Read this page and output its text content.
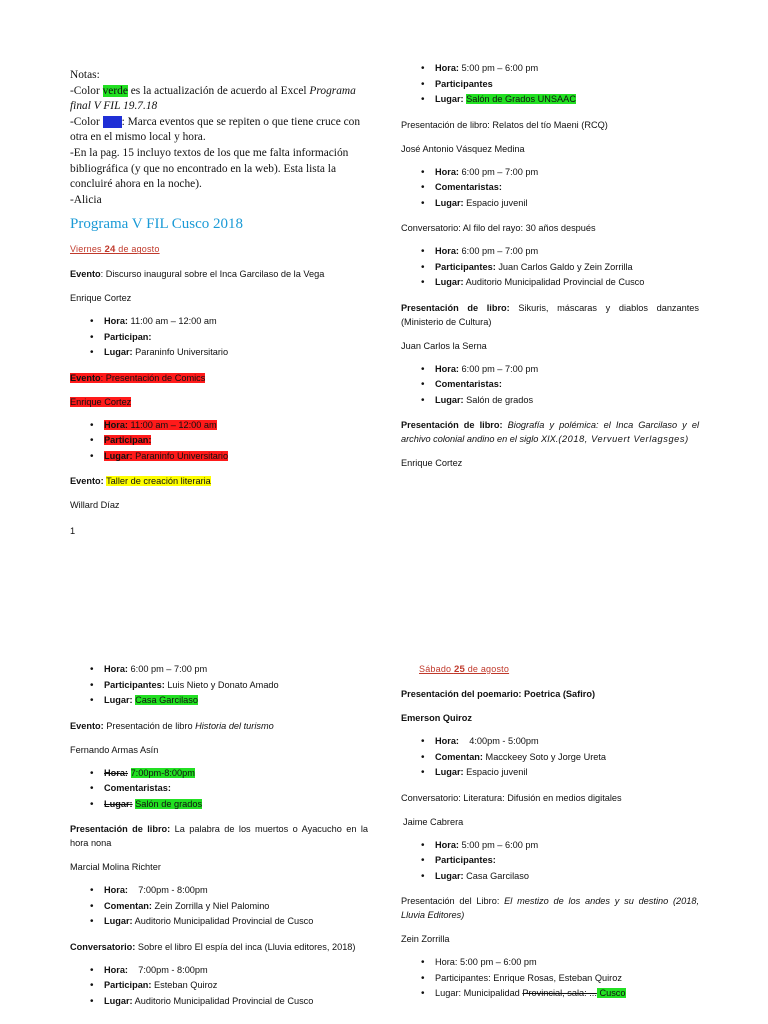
Notas:

-Color verde es la actualización de acuerdo al Excel Programa final V FIL 19.7.18

-Color azul: Marca eventos que se repiten o que tiene cruce con otra en el mismo local y hora.

-En la pag. 15 incluyo textos de los que me falta información bibliográfica (y que no encontrado en la web). Esta lista la concluiré ahora en la noche).

-Alicia

Programa V FIL Cusco 2018
Viernes 24 de agosto

Evento: Discurso inaugural sobre el Inca Garcilaso de la Vega

Enrique Cortez

• Hora: 11:00 am – 12:00 am
• Participan:
• Lugar: Paraninfo Universitario

Evento: Presentación de Comics

Enrique Cortez

• Hora: 11:00 am – 12:00 am
• Participan:
• Lugar: Paraninfo Universitario

Evento: Taller de creación literaria

Willard Díaz

1

• Hora: 5:00 pm – 6:00 pm
• Participantes
• Lugar: Salón de Grados UNSAAC

Presentación de libro: Relatos del tío Maeni (RCQ)

José Antonio Vásquez Medina

• Hora: 6:00 pm – 7:00 pm
• Comentaristas:
• Lugar: Espacio juvenil

Conversatorio: Al filo del rayo: 30 años después

• Hora: 6:00 pm – 7:00 pm
• Participantes: Juan Carlos Galdo y Zein Zorrilla
• Lugar: Auditorio Municipalidad Provincial de Cusco

Presentación de libro: Sikuris, máscaras y diablos danzantes (Ministerio de Cultura)

Juan Carlos la Serna

• Hora: 6:00 pm – 7:00 pm
• Comentaristas:
• Lugar: Salón de grados

Presentación de libro: Biografía y polémica: el Inca Garcilaso y el archivo colonial andino en el siglo XIX.(2018, Vervuert Verlagsges)

Enrique Cortez

• Hora: 6:00 pm – 7:00 pm
• Participantes: Luis Nieto y Donato Amado
• Lugar: Casa Garcilaso

Evento: Presentación de libro Historia del turismo

Fernando Armas Asín

• Hora: 7:00pm-8:00pm
• Comentaristas:
• Lugar: Salón de grados

Presentación de libro: La palabra de los muertos o Ayacucho en la hora nona

Marcial Molina Richter

• Hora: 7:00pm - 8:00pm
• Comentan: Zein Zorrilla y Niel Palomino
• Lugar: Auditorio Municipalidad Provincial de Cusco

Conversatorio: Sobre el libro El espía del inca (Lluvia editores, 2018)

• Hora: 7:00pm - 8:00pm
• Participan: Esteban Quiroz
• Lugar: Auditorio Municipalidad Provincial de Cusco
Sábado 25 de agosto

Presentación del poemario: Poetrica (Safiro)

Emerson Quiroz

• Hora: 4:00pm - 5:00pm
• Comentan: Macckeey Soto y Jorge Ureta
• Lugar: Espacio juvenil

Conversatorio: Literatura: Difusión en medios digitales

Jaime Cabrera

• Hora: 5:00 pm – 6:00 pm
• Participantes:
• Lugar: Casa Garcilaso

Presentación del Libro: El mestizo de los andes y su destino (2018, Lluvia Editores)

Zein Zorrilla

• Hora: 5:00 pm – 6:00 pm
• Participantes: Enrique Rosas, Esteban Quiroz
• Lugar: Municipalidad Provincial, sala: ... Cusco
